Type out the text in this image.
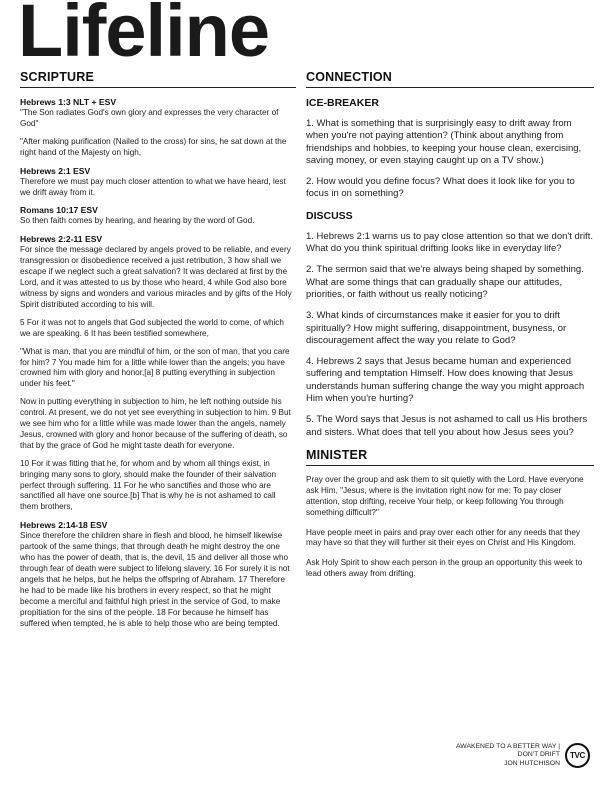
Lifeline
SCRIPTURE
Hebrews 1:3 NLT + ESV

"The Son radiates God's own glory and expresses the very character of God"

"After making purification (Nailed to the cross) for sins, he sat down at the right hand of the Majesty on high,

Hebrews 2:1 ESV

Therefore we must pay much closer attention to what we have heard, lest we drift away from it.

Romans 10:17 ESV

So then faith comes by hearing, and hearing by the word of God.

Hebrews 2:2-11 ESV

For since the message declared by angels proved to be reliable, and every transgression or disobedience received a just retribution, 3 how shall we escape if we neglect such a great salvation? It was declared at first by the Lord, and it was attested to us by those who heard, 4 while God also bore witness by signs and wonders and various miracles and by gifts of the Holy Spirit distributed according to his will.

5 For it was not to angels that God subjected the world to come, of which we are speaking. 6 It has been testified somewhere,

"What is man, that you are mindful of him, or the son of man, that you care for him? 7 You made him for a little while lower than the angels; you have crowned him with glory and honor,[a] 8 putting everything in subjection under his feet."

Now in putting everything in subjection to him, he left nothing outside his control. At present, we do not yet see everything in subjection to him. 9 But we see him who for a little while was made lower than the angels, namely Jesus, crowned with glory and honor because of the suffering of death, so that by the grace of God he might taste death for everyone.

10 For it was fitting that he, for whom and by whom all things exist, in bringing many sons to glory, should make the founder of their salvation perfect through suffering. 11 For he who sanctifies and those who are sanctified all have one source.[b] That is why he is not ashamed to call them brothers,

Hebrews 2:14-18 ESV

Since therefore the children share in flesh and blood, he himself likewise partook of the same things, that through death he might destroy the one who has the power of death, that is, the devil, 15 and deliver all those who through fear of death were subject to lifelong slavery. 16 For surely it is not angels that he helps, but he helps the offspring of Abraham. 17 Therefore he had to be made like his brothers in every respect, so that he might become a merciful and faithful high priest in the service of God, to make propitiation for the sins of the people. 18 For because he himself has suffered when tempted, he is able to help those who are being tempted.

CONNECTION
ICE-BREAKER

1. What is something that is surprisingly easy to drift away from when you're not paying attention? (Think about anything from friendships and hobbies, to keeping your house clean, exercising, saving money, or even staying caught up on a TV show.)

2. How would you define focus? What does it look like for you to focus in on something?

DISCUSS

1. Hebrews 2:1 warns us to pay close attention so that we don't drift. What do you think spiritual drifting looks like in everyday life?

2. The sermon said that we're always being shaped by something. What are some things that can gradually shape our attitudes, priorities, or faith without us really noticing?

3. What kinds of circumstances make it easier for you to drift spiritually? How might suffering, disappointment, busyness, or discouragement affect the way you relate to God?

4. Hebrews 2 says that Jesus became human and experienced suffering and temptation Himself. How does knowing that Jesus understands human suffering change the way you might approach Him when you're hurting?

5. The Word says that Jesus is not ashamed to call us His brothers and sisters. What does that tell you about how Jesus sees you?

MINISTER

Pray over the group and ask them to sit quietly with the Lord. Have everyone ask Him, "Jesus, where is the invitation right now for me: To pay closer attention, stop drifting, receive Your help, or keep following You through something difficult?"

Have people meet in pairs and pray over each other for any needs that they may have so that they will further sit their eyes on Christ and His Kingdom.

Ask Holy Spirit to show each person in the group an opportunity this week to lead others away from drifting.

AWAKENED TO A BETTER WAY |
DON'T DRIFT
JON HUTCHISON
TVC
